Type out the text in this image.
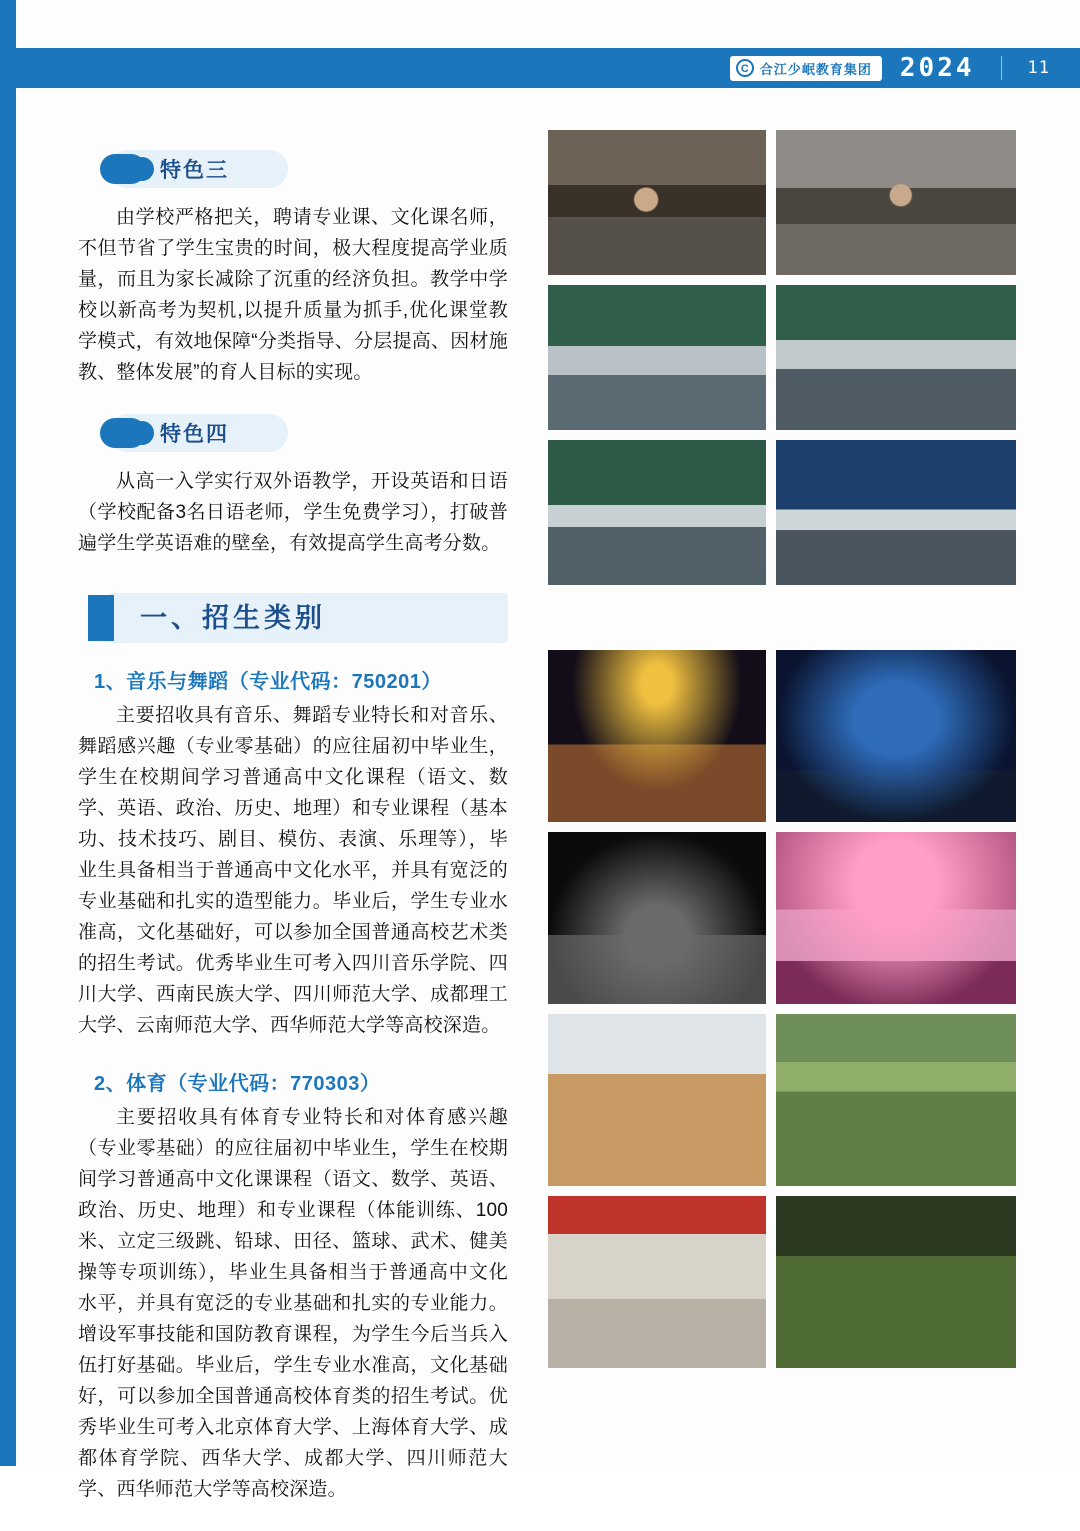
C 合江少岷教育集团 2024	11
特色三

由学校严格把关，聘请专业课、文化课名师，不但节省了学生宝贵的时间，极大程度提高学业质量，而且为家长减除了沉重的经济负担。教学中学校以新高考为契机,以提升质量为抓手,优化课堂教学模式，有效地保障“分类指导、分层提高、因材施教、整体发展”的育人目标的实现。

特色四

从高一入学实行双外语教学，开设英语和日语（学校配备3名日语老师，学生免费学习），打破普遍学生学英语难的壁垒，有效提高学生高考分数。

一、招生类别
1、音乐与舞蹈（专业代码：750201）

主要招收具有音乐、舞蹈专业特长和对音乐、舞蹈感兴趣（专业零基础）的应往届初中毕业生，学生在校期间学习普通高中文化课程（语文、数学、英语、政治、历史、地理）和专业课程（基本功、技术技巧、剧目、模仿、表演、乐理等），毕业生具备相当于普通高中文化水平，并具有宽泛的专业基础和扎实的造型能力。毕业后，学生专业水准高，文化基础好，可以参加全国普通高校艺术类的招生考试。优秀毕业生可考入四川音乐学院、四川大学、西南民族大学、四川师范大学、成都理工大学、云南师范大学、西华师范大学等高校深造。

2、体育（专业代码：770303）

主要招收具有体育专业特长和对体育感兴趣（专业零基础）的应往届初中毕业生，学生在校期间学习普通高中文化课课程（语文、数学、英语、政治、历史、地理）和专业课程（体能训练、100米、立定三级跳、铅球、田径、篮球、武术、健美操等专项训练），毕业生具备相当于普通高中文化水平，并具有宽泛的专业基础和扎实的专业能力。增设军事技能和国防教育课程，为学生今后当兵入伍打好基础。毕业后，学生专业水准高，文化基础好，可以参加全国普通高校体育类的招生考试。优秀毕业生可考入北京体育大学、上海体育大学、成都体育学院、西华大学、成都大学、四川师范大学、西华师范大学等高校深造。
